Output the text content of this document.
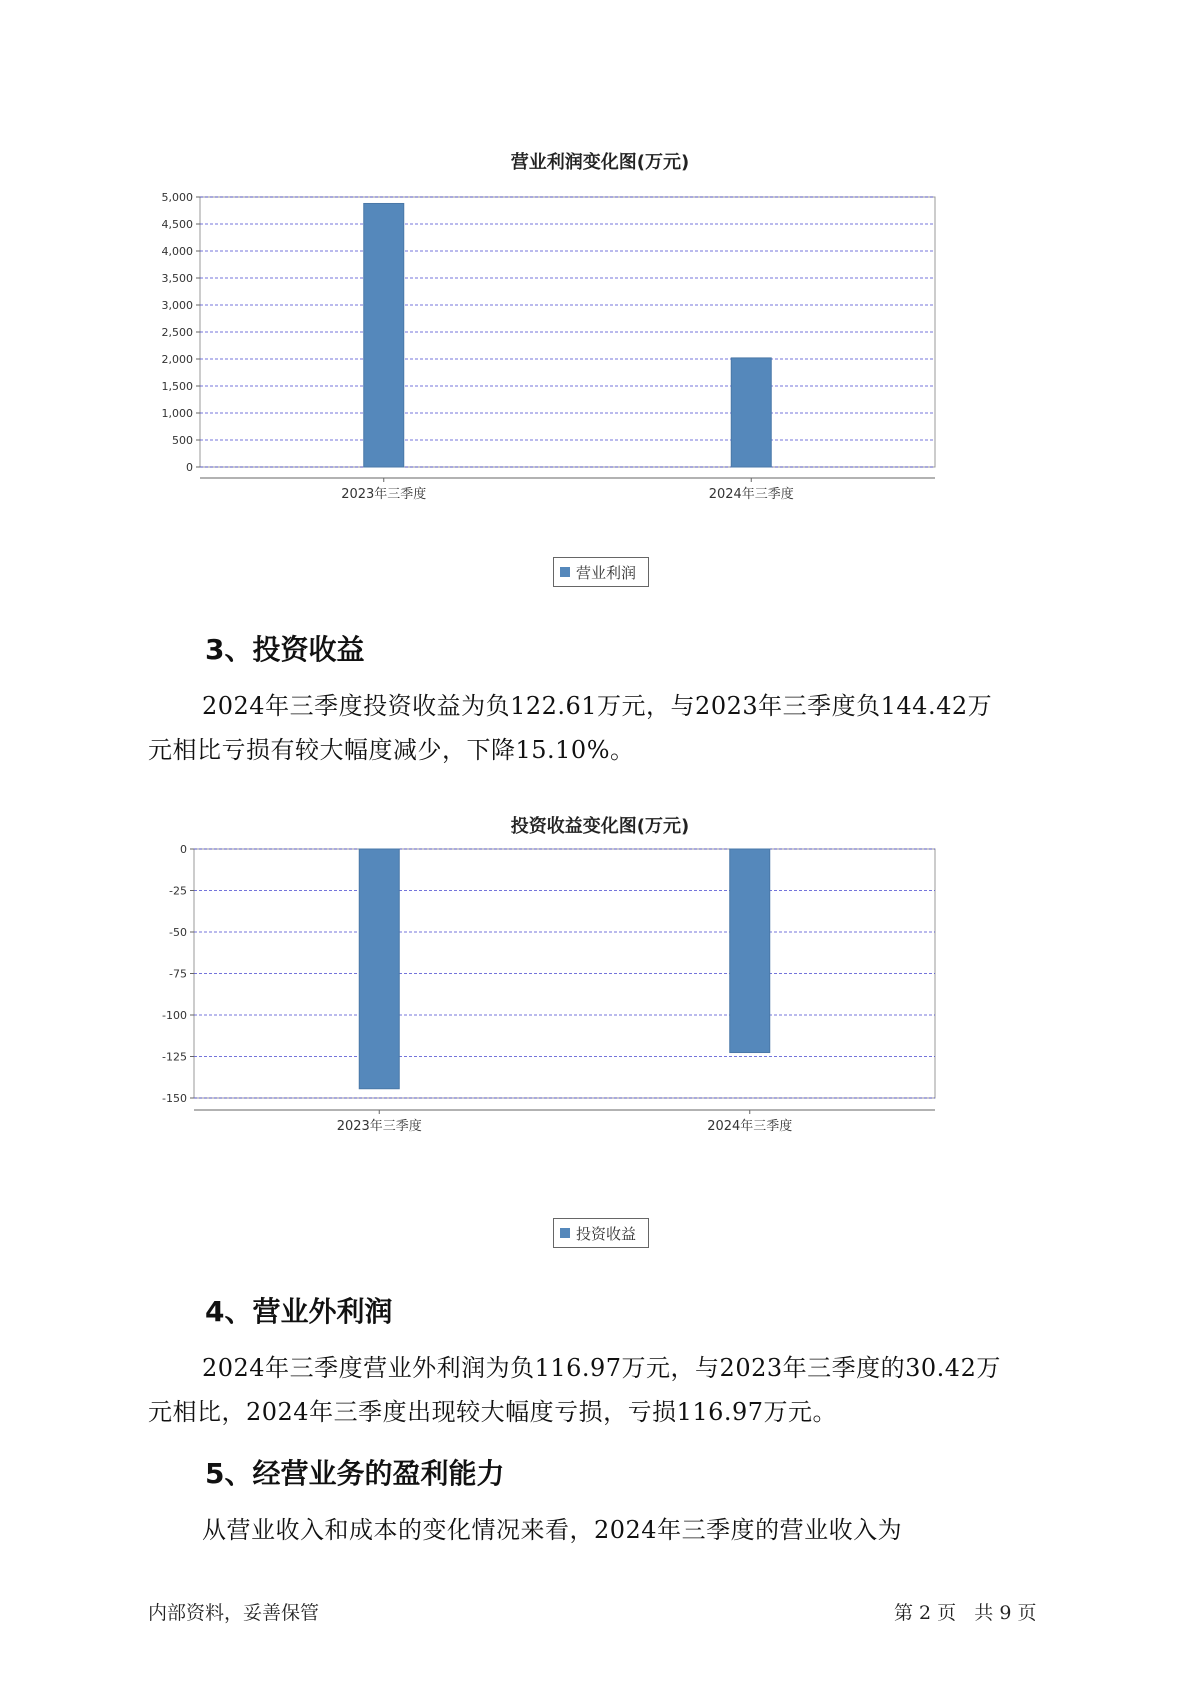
营业利润变化图(万元)
0
500
1,000
1,500
2,000
2,500
3,000
3,500
4,000
4,500
5,000
2023年三季度	2024年三季度
营业利润
3、投资收益
2024年三季度投资收益为负122.61万元，与2023年三季度负144.42万
元相比亏损有较大幅度减少，下降15.10%。
投资收益变化图(万元)
0
-25
-50
-75
-100
-125
-150
2023年三季度	2024年三季度
投资收益
4、营业外利润
2024年三季度营业外利润为负116.97万元，与2023年三季度的30.42万
元相比，2024年三季度出现较大幅度亏损，亏损116.97万元。
5、经营业务的盈利能力
从营业收入和成本的变化情况来看，2024年三季度的营业收入为
内部资料，妥善保管	第 2 页   共 9 页
